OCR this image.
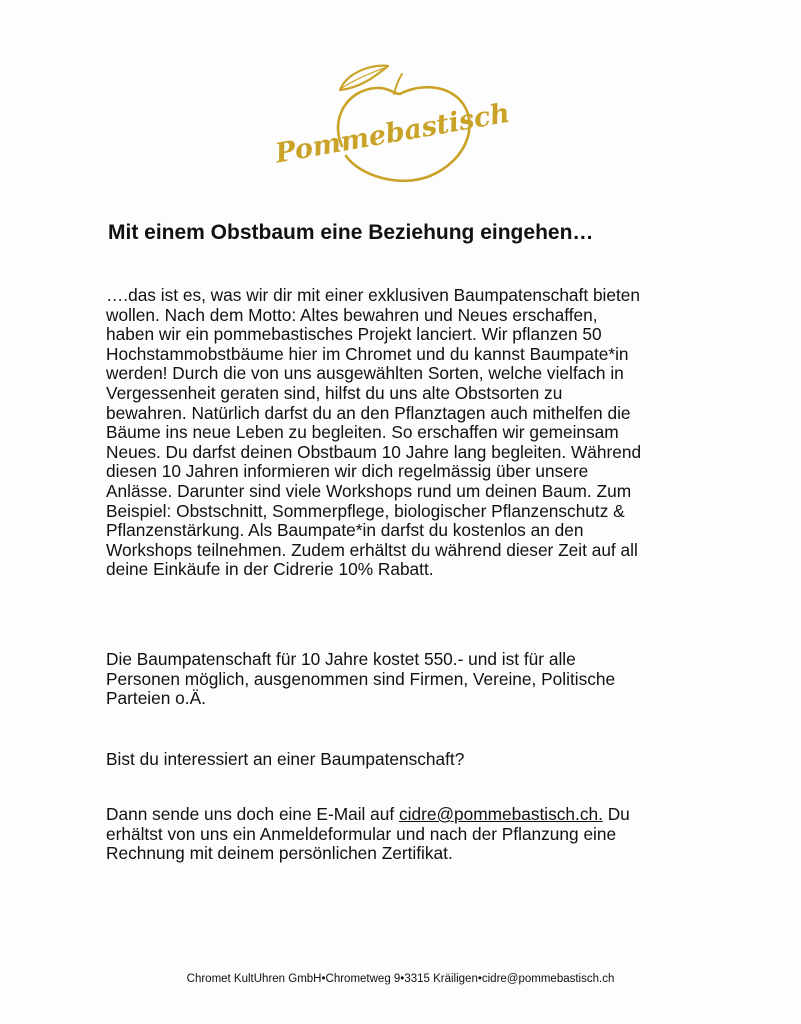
Pommebastisch
Mit einem Obstbaum eine Beziehung eingehen…

….das ist es, was wir dir mit einer exklusiven Baumpatenschaft bieten
wollen. Nach dem Motto: Altes bewahren und Neues erschaffen,
haben wir ein pommebastisches Projekt lanciert. Wir pflanzen 50
Hochstammobstbäume hier im Chromet und du kannst Baumpate*in
werden! Durch die von uns ausgewählten Sorten, welche vielfach in
Vergessenheit geraten sind, hilfst du uns alte Obstsorten zu
bewahren. Natürlich darfst du an den Pflanztagen auch mithelfen die
Bäume ins neue Leben zu begleiten. So erschaffen wir gemeinsam
Neues. Du darfst deinen Obstbaum 10 Jahre lang begleiten. Während
diesen 10 Jahren informieren wir dich regelmässig über unsere
Anlässe. Darunter sind viele Workshops rund um deinen Baum. Zum
Beispiel: Obstschnitt, Sommerpflege, biologischer Pflanzenschutz &
Pflanzenstärkung. Als Baumpate*in darfst du kostenlos an den
Workshops teilnehmen. Zudem erhältst du während dieser Zeit auf all
deine Einkäufe in der Cidrerie 10% Rabatt.

Die Baumpatenschaft für 10 Jahre kostet 550.- und ist für alle
Personen möglich, ausgenommen sind Firmen, Vereine, Politische
Parteien o.Ä.

Bist du interessiert an einer Baumpatenschaft?

Dann sende uns doch eine E-Mail auf cidre@pommebastisch.ch. Du
erhältst von uns ein Anmeldeformular und nach der Pflanzung eine
Rechnung mit deinem persönlichen Zertifikat.

Chromet KultUhren GmbH•Chrometweg 9•3315 Kräiligen•cidre@pommebastisch.ch
